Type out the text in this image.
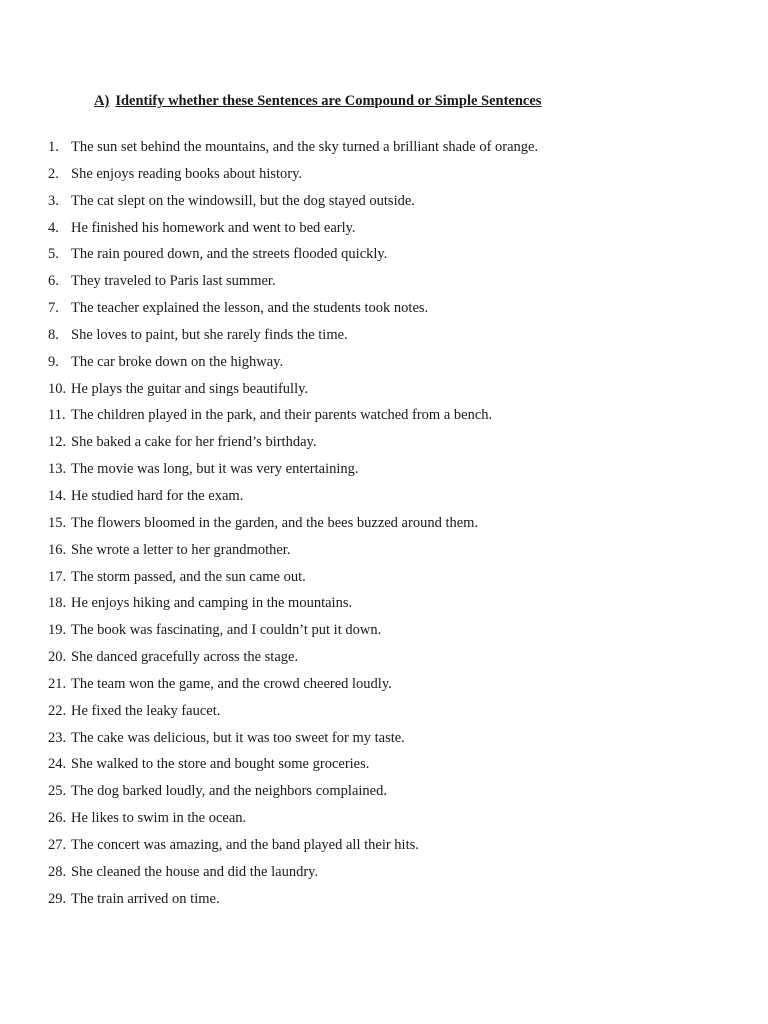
A) Identify whether these Sentences are Compound or Simple Sentences
1. The sun set behind the mountains, and the sky turned a brilliant shade of orange.
2. She enjoys reading books about history.
3. The cat slept on the windowsill, but the dog stayed outside.
4. He finished his homework and went to bed early.
5. The rain poured down, and the streets flooded quickly.
6. They traveled to Paris last summer.
7. The teacher explained the lesson, and the students took notes.
8. She loves to paint, but she rarely finds the time.
9. The car broke down on the highway.
10. He plays the guitar and sings beautifully.
11. The children played in the park, and their parents watched from a bench.
12. She baked a cake for her friend’s birthday.
13. The movie was long, but it was very entertaining.
14. He studied hard for the exam.
15. The flowers bloomed in the garden, and the bees buzzed around them.
16. She wrote a letter to her grandmother.
17. The storm passed, and the sun came out.
18. He enjoys hiking and camping in the mountains.
19. The book was fascinating, and I couldn’t put it down.
20. She danced gracefully across the stage.
21. The team won the game, and the crowd cheered loudly.
22. He fixed the leaky faucet.
23. The cake was delicious, but it was too sweet for my taste.
24. She walked to the store and bought some groceries.
25. The dog barked loudly, and the neighbors complained.
26. He likes to swim in the ocean.
27. The concert was amazing, and the band played all their hits.
28. She cleaned the house and did the laundry.
29. The train arrived on time.
